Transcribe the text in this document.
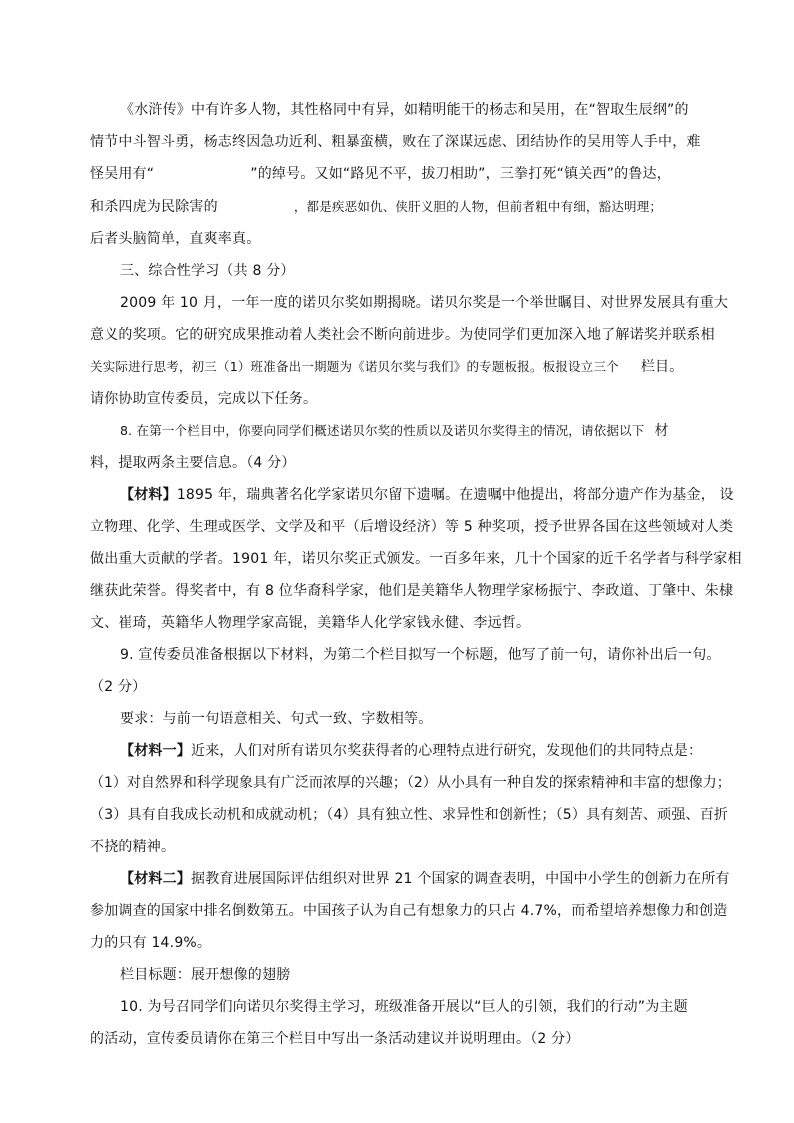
《水浒传》中有许多人物，其性格同中有异，如精明能干的杨志和吴用，在“智取生辰纲”的
情节中斗智斗勇，杨志终因急功近利、粗暴蛮横，败在了深谋远虑、团结协作的吴用等人手中，难
怪吴用有“	”的绰号。又如“路见不平，拔刀相助”，三拳打死“镇关西”的鲁达，
和杀四虎为民除害的	，都是疾恶如仇、侠肝义胆的人物，但前者粗中有细，豁达明理；
后者头脑简单，直爽率真。
三、综合性学习（共 8 分）
2009 年 10 月，一年一度的诺贝尔奖如期揭晓。诺贝尔奖是一个举世瞩目、对世界发展具有重大
意义的奖项。它的研究成果推动着人类社会不断向前进步。为使同学们更加深入地了解诺奖并联系相
关实际进行思考，初三（1）班准备出一期题为《诺贝尔奖与我们》的专题板报。板报设立三个 栏目。
请你协助宣传委员，完成以下任务。
8. 在第一个栏目中，你要向同学们概述诺贝尔奖的性质以及诺贝尔奖得主的情况，请依据以下 材
料，提取两条主要信息。（4 分）
【材料】1895 年，瑞典著名化学家诺贝尔留下遗嘱。在遗嘱中他提出，将部分遗产作为基金， 设
立物理、化学、生理或医学、文学及和平（后增设经济）等 5 种奖项，授予世界各国在这些领域对人类
做出重大贡献的学者。1901 年，诺贝尔奖正式颁发。一百多年来，几十个国家的近千名学者与科学家相
继获此荣誉。得奖者中，有 8 位华裔科学家，他们是美籍华人物理学家杨振宁、李政道、丁肇中、朱棣
文、崔琦，英籍华人物理学家高锟，美籍华人化学家钱永健、李远哲。
9. 宣传委员准备根据以下材料，为第二个栏目拟写一个标题，他写了前一句，请你补出后一句。
（2 分）
要求：与前一句语意相关、句式一致、字数相等。
【材料一】近来，人们对所有诺贝尔奖获得者的心理特点进行研究，发现他们的共同特点是：
（1）对自然界和科学现象具有广泛而浓厚的兴趣；（2）从小具有一种自发的探索精神和丰富的想像力；
（3）具有自我成长动机和成就动机；（4）具有独立性、求异性和创新性；（5）具有刻苦、顽强、百折
不挠的精神。
【材料二】据教育进展国际评估组织对世界 21 个国家的调查表明，中国中小学生的创新力在所有
参加调查的国家中排名倒数第五。中国孩子认为自己有想象力的只占 4.7%，而希望培养想像力和创造
力的只有 14.9%。
栏目标题：展开想像的翅膀
10. 为号召同学们向诺贝尔奖得主学习，班级准备开展以“巨人的引领，我们的行动”为主题
的活动，宣传委员请你在第三个栏目中写出一条活动建议并说明理由。（2 分）
